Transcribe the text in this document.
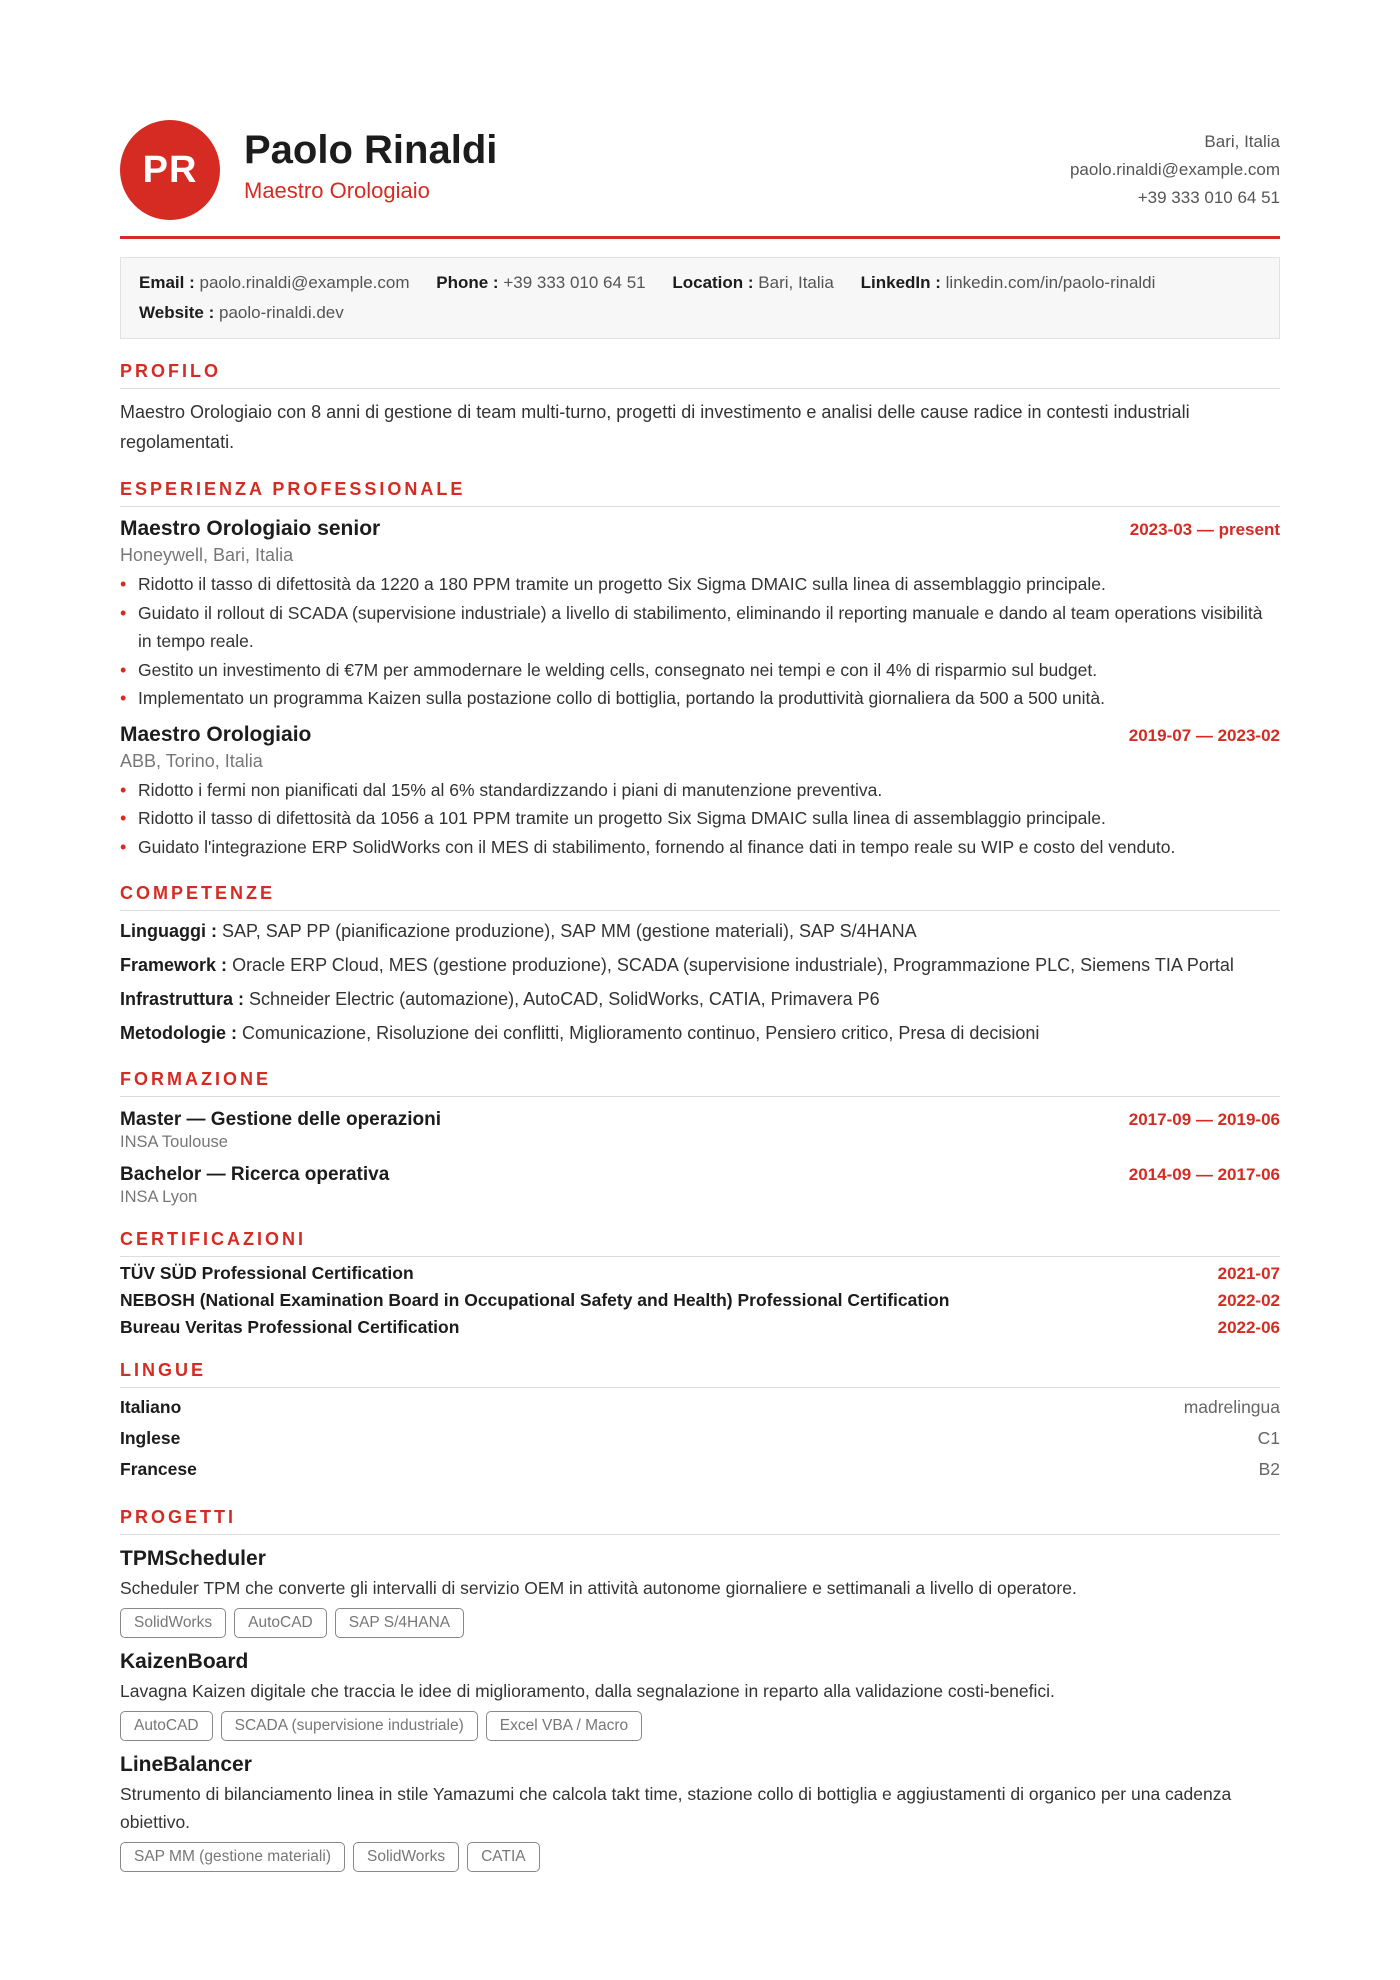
PR	Paolo Rinaldi
Maestro Orologiaio
Bari, Italia
paolo.rinaldi@example.com
+39 333 010 64 51
Email : paolo.rinaldi@example.com Phone : +39 333 010 64 51 Location : Bari, Italia LinkedIn : linkedin.com/in/paolo-rinaldi
Website : paolo-rinaldi.dev
PROFILO
Maestro Orologiaio con 8 anni di gestione di team multi-turno, progetti di investimento e analisi delle cause radice in contesti industriali regolamentati.
ESPERIENZA PROFESSIONALE
Maestro Orologiaio senior	2023-03 — present
Honeywell, Bari, Italia
• Ridotto il tasso di difettosità da 1220 a 180 PPM tramite un progetto Six Sigma DMAIC sulla linea di assemblaggio principale.
• Guidato il rollout di SCADA (supervisione industriale) a livello di stabilimento, eliminando il reporting manuale e dando al team operations visibilità in tempo reale.
• Gestito un investimento di €7M per ammodernare le welding cells, consegnato nei tempi e con il 4% di risparmio sul budget.
• Implementato un programma Kaizen sulla postazione collo di bottiglia, portando la produttività giornaliera da 500 a 500 unità.
Maestro Orologiaio	2019-07 — 2023-02
ABB, Torino, Italia
• Ridotto i fermi non pianificati dal 15% al 6% standardizzando i piani di manutenzione preventiva.
• Ridotto il tasso di difettosità da 1056 a 101 PPM tramite un progetto Six Sigma DMAIC sulla linea di assemblaggio principale.
• Guidato l'integrazione ERP SolidWorks con il MES di stabilimento, fornendo al finance dati in tempo reale su WIP e costo del venduto.
COMPETENZE
Linguaggi : SAP, SAP PP (pianificazione produzione), SAP MM (gestione materiali), SAP S/4HANA
Framework : Oracle ERP Cloud, MES (gestione produzione), SCADA (supervisione industriale), Programmazione PLC, Siemens TIA Portal
Infrastruttura : Schneider Electric (automazione), AutoCAD, SolidWorks, CATIA, Primavera P6
Metodologie : Comunicazione, Risoluzione dei conflitti, Miglioramento continuo, Pensiero critico, Presa di decisioni
FORMAZIONE
Master — Gestione delle operazioni	2017-09 — 2019-06
INSA Toulouse
Bachelor — Ricerca operativa	2014-09 — 2017-06
INSA Lyon
CERTIFICAZIONI
TÜV SÜD Professional Certification	2021-07
NEBOSH (National Examination Board in Occupational Safety and Health) Professional Certification	2022-02
Bureau Veritas Professional Certification	2022-06
LINGUE
Italiano	madrelingua
Inglese	C1
Francese	B2
PROGETTI
TPMScheduler
Scheduler TPM che converte gli intervalli di servizio OEM in attività autonome giornaliere e settimanali a livello di operatore.
SolidWorks AutoCAD SAP S/4HANA
KaizenBoard
Lavagna Kaizen digitale che traccia le idee di miglioramento, dalla segnalazione in reparto alla validazione costi-benefici.
AutoCAD SCADA (supervisione industriale) Excel VBA / Macro
LineBalancer
Strumento di bilanciamento linea in stile Yamazumi che calcola takt time, stazione collo di bottiglia e aggiustamenti di organico per una cadenza obiettivo.
SAP MM (gestione materiali) SolidWorks CATIA
